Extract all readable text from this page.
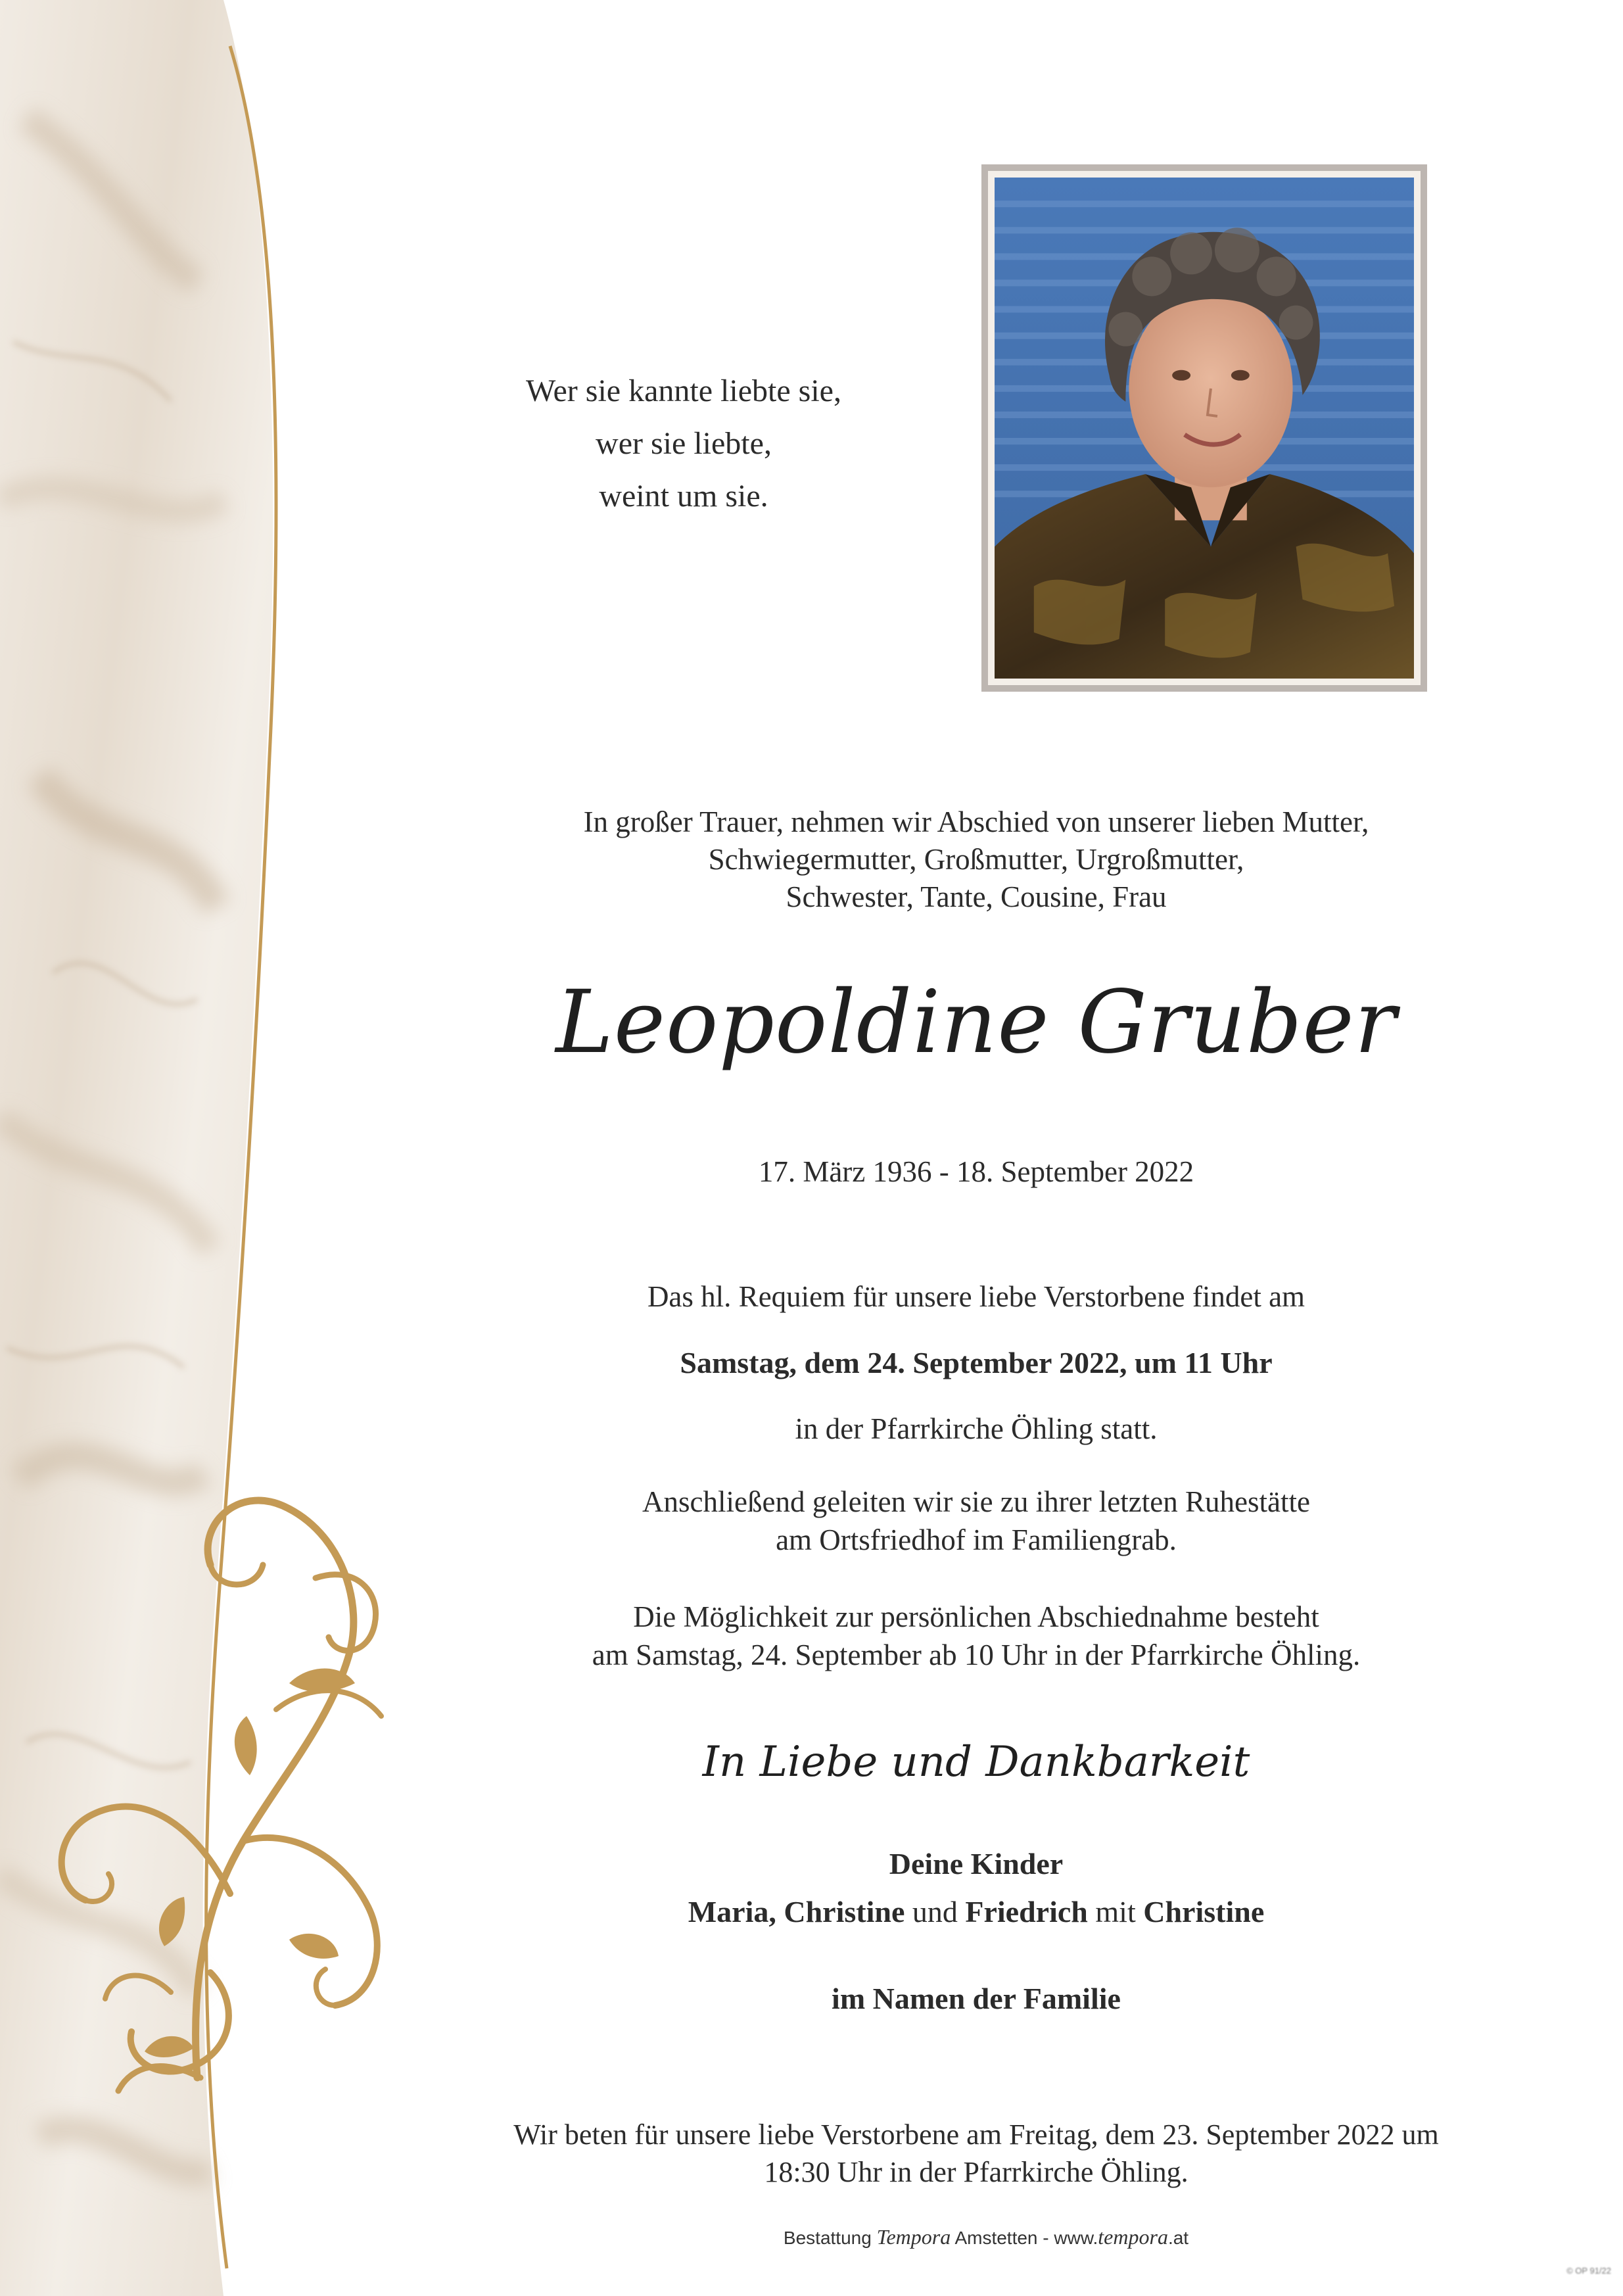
Wer sie kannte liebte sie,
wer sie liebte,
weint um sie.
In großer Trauer, nehmen wir Abschied von unserer lieben Mutter,
Schwiegermutter, Großmutter, Urgroßmutter,
Schwester, Tante, Cousine, Frau
Leopoldine Gruber
17. März 1936 - 18. September 2022
Das hl. Requiem für unsere liebe Verstorbene findet am
Samstag, dem 24. September 2022, um 11 Uhr
in der Pfarrkirche Öhling statt.
Anschließend geleiten wir sie zu ihrer letzten Ruhestätte
am Ortsfriedhof im Familiengrab.
Die Möglichkeit zur persönlichen Abschiednahme besteht
am Samstag, 24. September ab 10 Uhr in der Pfarrkirche Öhling.
In Liebe und Dankbarkeit
Deine Kinder
Maria, Christine und Friedrich mit Christine
im Namen der Familie
Wir beten für unsere liebe Verstorbene am Freitag, dem 23. September 2022 um
18:30 Uhr in der Pfarrkirche Öhling.
Bestattung Tempora Amstetten - www.tempora.at
© OP 91/22
